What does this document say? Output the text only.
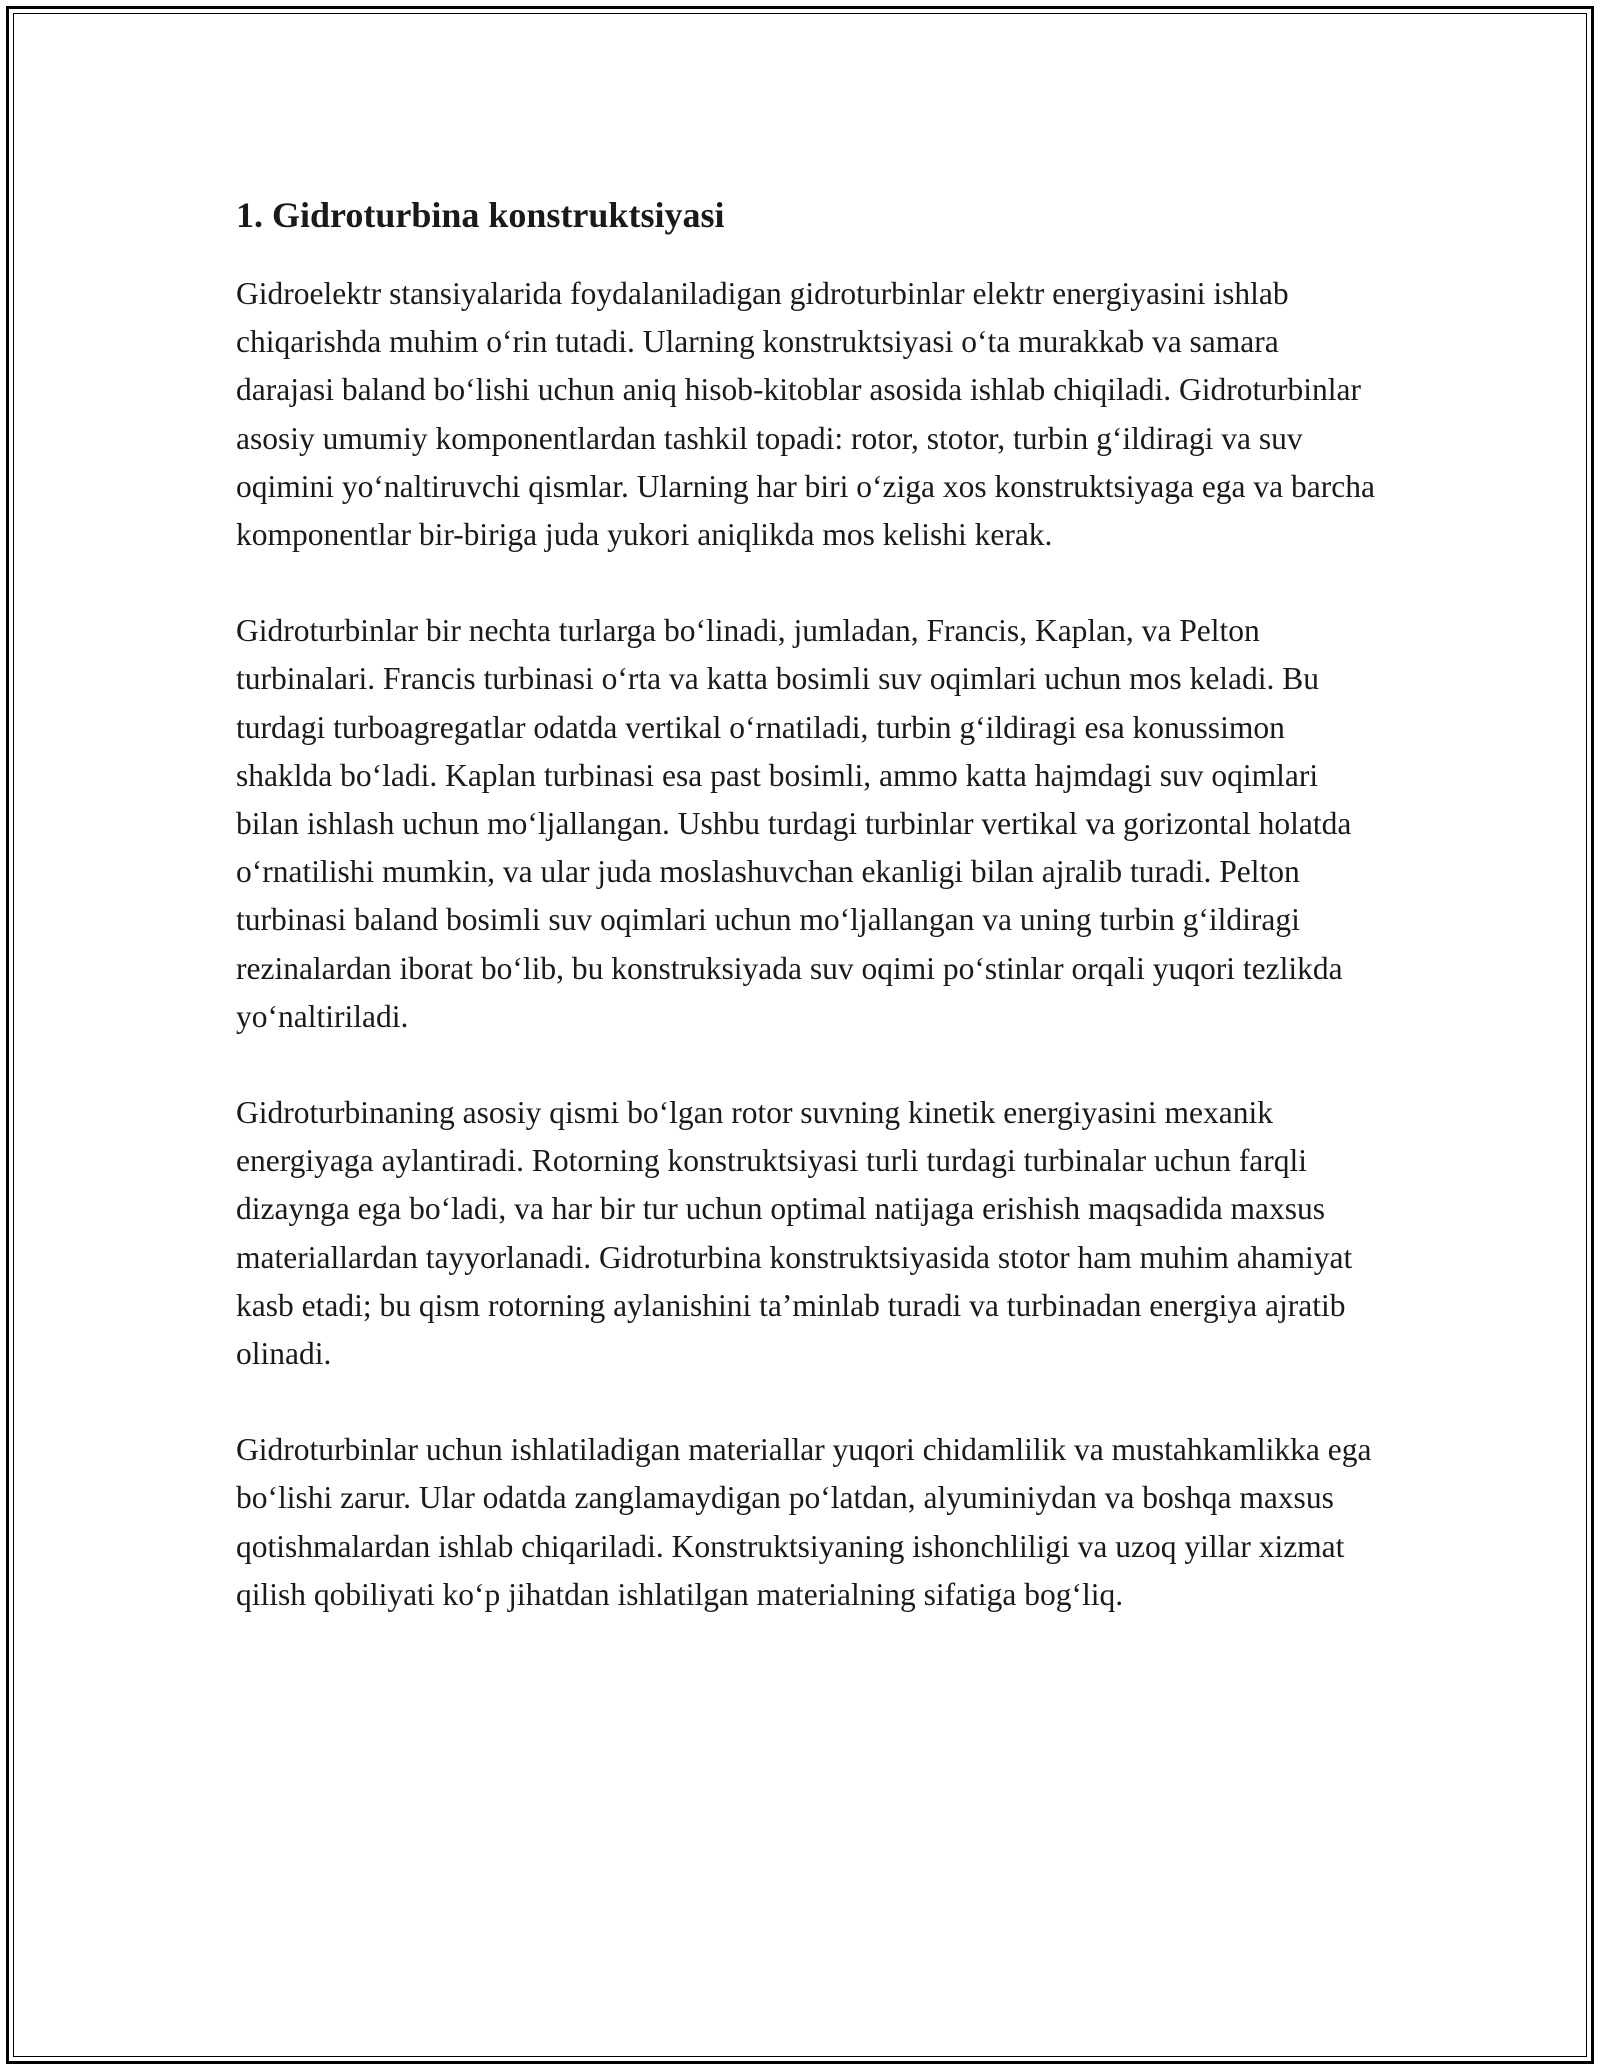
1. Gidroturbina konstruktsiyasi

Gidroelektr stansiyalarida foydalaniladigan gidroturbinlar elektr energiyasini ishlab chiqarishda muhim oʻrin tutadi. Ularning konstruktsiyasi oʻta murakkab va samara darajasi baland boʻlishi uchun aniq hisob-kitoblar asosida ishlab chiqiladi. Gidroturbinlar asosiy umumiy komponentlardan tashkil topadi: rotor, stotor, turbin gʻildiragi va suv oqimini yoʻnaltiruvchi qismlar. Ularning har biri oʻziga xos konstruktsiyaga ega va barcha komponentlar bir-biriga juda yukori aniqlikda mos kelishi kerak.

Gidroturbinlar bir nechta turlarga boʻlinadi, jumladan, Francis, Kaplan, va Pelton turbinalari. Francis turbinasi oʻrta va katta bosimli suv oqimlari uchun mos keladi. Bu turdagi turboagregatlar odatda vertikal oʻrnatiladi, turbin gʻildiragi esa konussimon shaklda boʻladi. Kaplan turbinasi esa past bosimli, ammo katta hajmdagi suv oqimlari bilan ishlash uchun moʻljallangan. Ushbu turdagi turbinlar vertikal va gorizontal holatda oʻrnatilishi mumkin, va ular juda moslashuvchan ekanligi bilan ajralib turadi. Pelton turbinasi baland bosimli suv oqimlari uchun moʻljallangan va uning turbin gʻildiragi rezinalardan iborat boʻlib, bu konstruksiyada suv oqimi poʻstinlar orqali yuqori tezlikda yoʻnaltiriladi.

Gidroturbinaning asosiy qismi boʻlgan rotor suvning kinetik energiyasini mexanik energiyaga aylantiradi. Rotorning konstruktsiyasi turli turdagi turbinalar uchun farqli dizaynga ega boʻladi, va har bir tur uchun optimal natijaga erishish maqsadida maxsus materiallardan tayyorlanadi. Gidroturbina konstruktsiyasida stotor ham muhim ahamiyat kasb etadi; bu qism rotorning aylanishini taʼminlab turadi va turbinadan energiya ajratib olinadi.

Gidroturbinlar uchun ishlatiladigan materiallar yuqori chidamlilik va mustahkamlikka ega boʻlishi zarur. Ular odatda zanglamaydigan poʻlatdan, alyuminiydan va boshqa maxsus qotishmalardan ishlab chiqariladi. Konstruktsiyaning ishonchliligi va uzoq yillar xizmat qilish qobiliyati koʻp jihatdan ishlatilgan materialning sifatiga bogʻliq.
